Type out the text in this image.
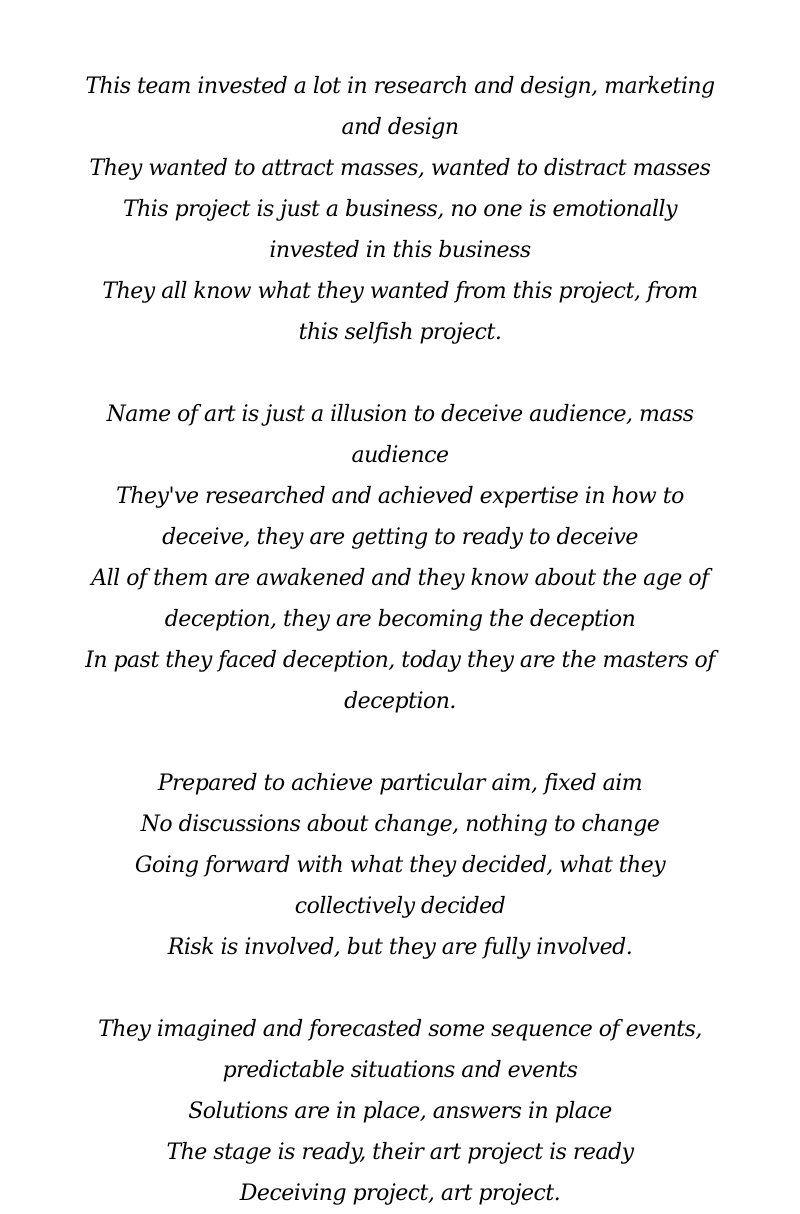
This team invested a lot in research and design, marketing and design
They wanted to attract masses, wanted to distract masses
This project is just a business, no one is emotionally invested in this business
They all know what they wanted from this project, from this selfish project.
Name of art is just a illusion to deceive audience, mass audience
They've researched and achieved expertise in how to deceive, they are getting to ready to deceive
All of them are awakened and they know about the age of deception, they are becoming the deception
In past they faced deception, today they are the masters of deception.
Prepared to achieve particular aim, fixed aim
No discussions about change, nothing to change
Going forward with what they decided, what they collectively decided
Risk is involved, but they are fully involved.
They imagined and forecasted some sequence of events, predictable situations and events
Solutions are in place, answers in place
The stage is ready, their art project is ready
Deceiving project, art project.
